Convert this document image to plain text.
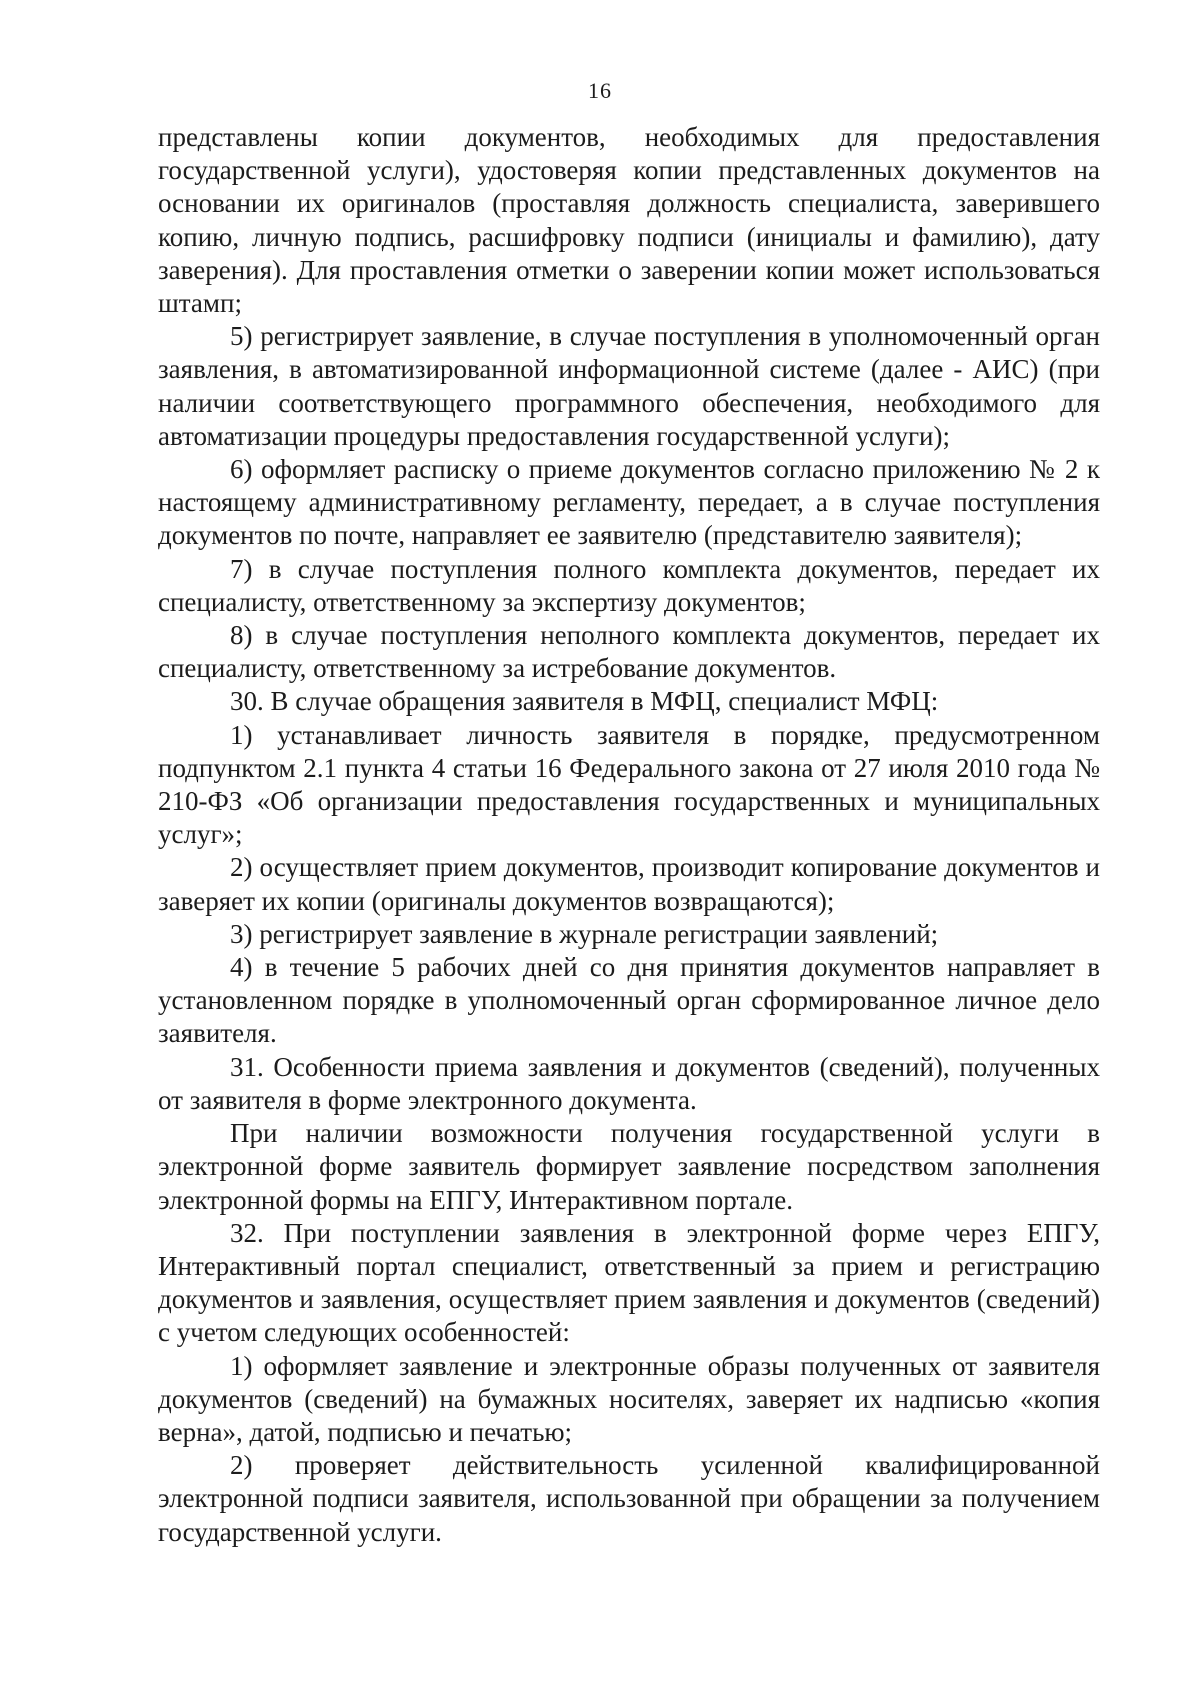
16

представлены копии документов, необходимых для предоставления государственной услуги), удостоверяя копии представленных документов на основании их оригиналов (проставляя должность специалиста, заверившего копию, личную подпись, расшифровку подписи (инициалы и фамилию), дату заверения). Для проставления отметки о заверении копии может использоваться штамп;

5) регистрирует заявление, в случае поступления в уполномоченный орган заявления, в автоматизированной информационной системе (далее - АИС) (при наличии соответствующего программного обеспечения, необходимого для автоматизации процедуры предоставления государственной услуги);

6) оформляет расписку о приеме документов согласно приложению № 2 к настоящему административному регламенту, передает, а в случае поступления документов по почте, направляет ее заявителю (представителю заявителя);

7) в случае поступления полного комплекта документов, передает их специалисту, ответственному за экспертизу документов;

8) в случае поступления неполного комплекта документов, передает их специалисту, ответственному за истребование документов.

30. В случае обращения заявителя в МФЦ, специалист МФЦ:

1) устанавливает личность заявителя в порядке, предусмотренном подпунктом 2.1 пункта 4 статьи 16 Федерального закона от 27 июля 2010 года № 210-ФЗ «Об организации предоставления государственных и муниципальных услуг»;

2) осуществляет прием документов, производит копирование документов и заверяет их копии (оригиналы документов возвращаются);

3) регистрирует заявление в журнале регистрации заявлений;

4) в течение 5 рабочих дней со дня принятия документов направляет в установленном порядке в уполномоченный орган сформированное личное дело заявителя.

31. Особенности приема заявления и документов (сведений), полученных от заявителя в форме электронного документа.

При наличии возможности получения государственной услуги в электронной форме заявитель формирует заявление посредством заполнения электронной формы на ЕПГУ, Интерактивном портале.

32. При поступлении заявления в электронной форме через ЕПГУ, Интерактивный портал специалист, ответственный за прием и регистрацию документов и заявления, осуществляет прием заявления и документов (сведений) с учетом следующих особенностей:

1) оформляет заявление и электронные образы полученных от заявителя документов (сведений) на бумажных носителях, заверяет их надписью «копия верна», датой, подписью и печатью;

2) проверяет действительность усиленной квалифицированной электронной подписи заявителя, использованной при обращении за получением государственной услуги.
